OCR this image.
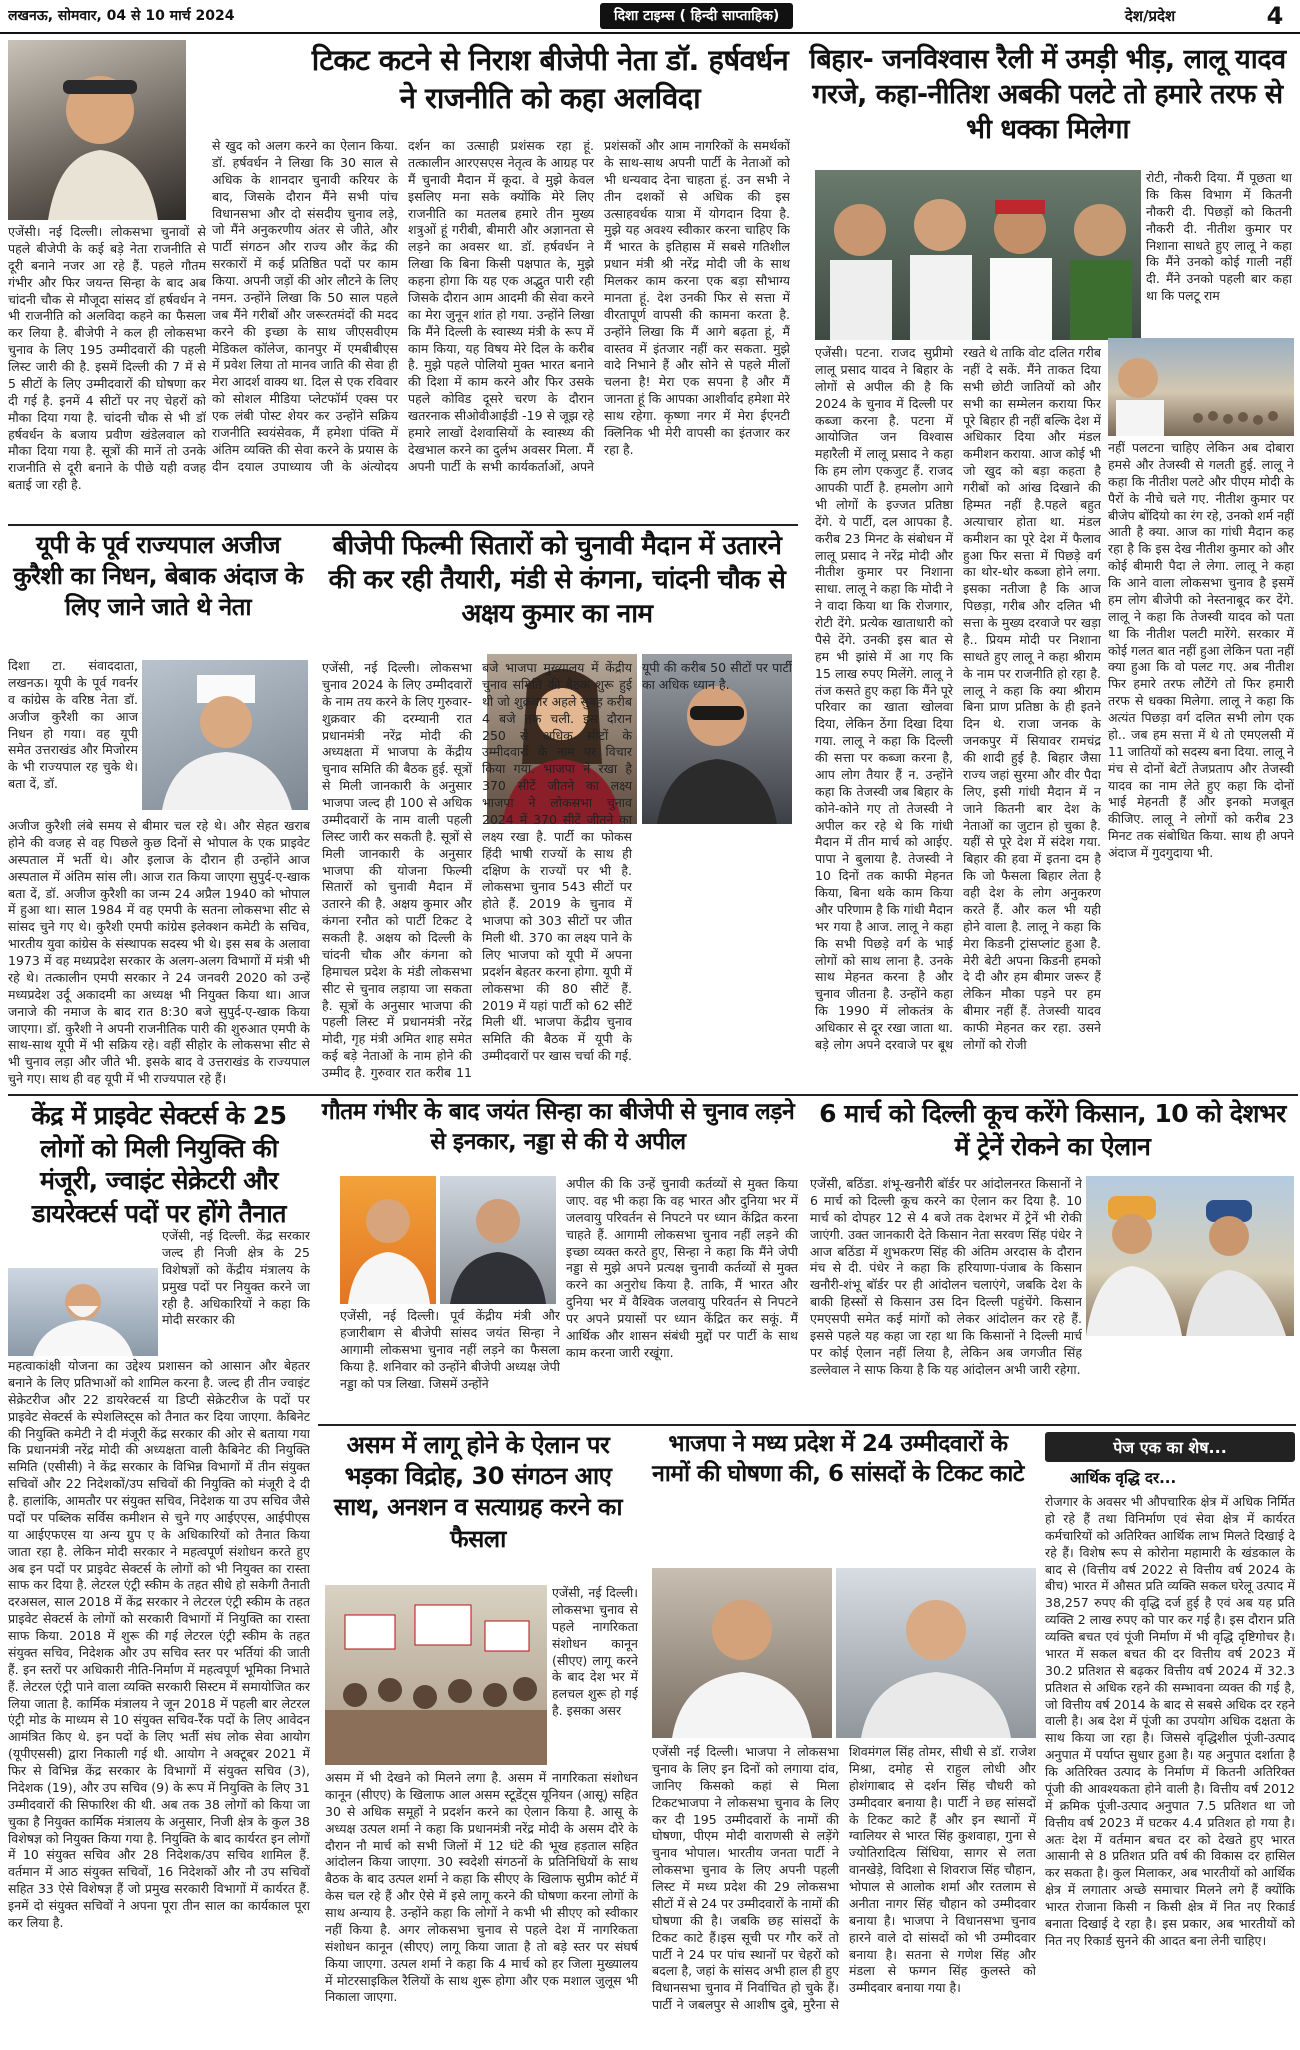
लखनऊ, सोमवार, 04 से 10 मार्च 2024	दिशा टाइम्स ( हिन्दी साप्ताहिक)	देश/प्रदेश	4
टिकट कटने से निराश बीजेपी नेता डॉ. हर्षवर्धन ने राजनीति को कहा अलविदा
एजेंसी। नई दिल्ली। लोकसभा चुनावों से पहले बीजेपी के कई बड़े नेता राजनीति से दूरी बनाने नजर आ रहे हैं. पहले गौतम गंभीर और फिर जयन्त सिन्हा के बाद अब चांदनी चौक से मौजूदा सांसद डॉ हर्षवर्धन ने भी राजनीति को अलविदा कहने का फैसला कर लिया है. बीजेपी ने कल ही लोकसभा चुनाव के लिए 195 उम्मीदवारों की पहली लिस्ट जारी की है. इसमें दिल्ली की 7 में से 5 सीटों के लिए उम्मीदवारों की घोषणा कर दी गई है. इनमें 4 सीटों पर नए चेहरों को मौका दिया गया है. चांदनी चौक से भी डॉ हर्षवर्धन के बजाय प्रवीण खंडेलवाल को मौका दिया गया है. सूत्रों की मानें तो उनके राजनीति से दूरी बनाने के पीछे यही वजह बताई जा रही है.
से खुद को अलग करने का ऐलान किया. डॉ. हर्षवर्धन ने लिखा कि 30 साल से अधिक के शानदार चुनावी करियर के बाद, जिसके दौरान मैंने सभी पांच विधानसभा और दो संसदीय चुनाव लड़े, जो मैंने अनुकरणीय अंतर से जीते, और पार्टी संगठन और राज्य और केंद्र की सरकारों में कई प्रतिष्ठित पदों पर काम किया. अपनी जड़ों की ओर लौटने के लिए नमन. उन्होंने लिखा कि 50 साल पहले जब मैंने गरीबों और जरूरतमंदों की मदद करने की इच्छा के साथ जीएसवीएम मेडिकल कॉलेज, कानपुर में एमबीबीएस में प्रवेश लिया तो मानव जाति की सेवा ही मेरा आदर्श वाक्य था. दिल से एक रविवार को सोशल मीडिया प्लेटफॉर्म एक्स पर एक लंबी पोस्ट शेयर कर उन्होंने सक्रिय राजनीति स्वयंसेवक, मैं हमेशा पंक्ति में अंतिम व्यक्ति की सेवा करने के प्रयास के दीन दयाल उपाध्याय जी के अंत्योदय दर्शन का उत्साही प्रशंसक रहा हूं. तत्कालीन आरएसएस नेतृत्व के आग्रह पर मैं चुनावी मैदान में कूदा. वे मुझे केवल इसलिए मना सके क्योंकि मेरे लिए राजनीति का मतलब हमारे तीन मुख्य शत्रुओं हूं गरीबी, बीमारी और अज्ञानता से लड़ने का अवसर था. डॉ. हर्षवर्धन ने लिखा कि बिना किसी पक्षपात के, मुझे कहना होगा कि यह एक अद्भुत पारी रही जिसके दौरान आम आदमी की सेवा करने का मेरा जुनून शांत हो गया. उन्होंने लिखा कि मैंने दिल्ली के स्वास्थ्य मंत्री के रूप में काम किया, यह विषय मेरे दिल के करीब है. मुझे पहले पोलियो मुक्त भारत बनाने की दिशा में काम करने और फिर उसके पहले कोविड दूसरे चरण के दौरान खतरनाक सीओवीआईडी -19 से जूझ रहे हमारे लाखों देशवासियों के स्वास्थ्य की देखभाल करने का दुर्लभ अवसर मिला. मैं अपनी पार्टी के सभी कार्यकर्ताओं, अपने प्रशंसकों और आम नागरिकों के समर्थकों के साथ-साथ अपनी पार्टी के नेताओं को भी धन्यवाद देना चाहता हूं. उन सभी ने तीन दशकों से अधिक की इस उत्साहवर्धक यात्रा में योगदान दिया है. मुझे यह अवश्य स्वीकार करना चाहिए कि मैं भारत के इतिहास में सबसे गतिशील प्रधान मंत्री श्री नरेंद्र मोदी जी के साथ मिलकर काम करना एक बड़ा सौभाग्य मानता हूं. देश उनकी फिर से सत्ता में वीरतापूर्ण वापसी की कामना करता है. उन्होंने लिखा कि मैं आगे बढ़ता हूं, मैं वास्तव में इंतजार नहीं कर सकता. मुझे वादे निभाने हैं और सोने से पहले मीलों चलना है! मेरा एक सपना है और मैं जानता हूं कि आपका आशीर्वाद हमेशा मेरे साथ रहेगा. कृष्णा नगर में मेरा ईएनटी क्लिनिक भी मेरी वापसी का इंतजार कर रहा है.
बिहार- जनविश्वास रैली में उमड़ी भीड़, लालू यादव गरजे, कहा-नीतिश अबकी पलटे तो हमारे तरफ से भी धक्का मिलेगा
रोटी, नौकरी दिया. मैं पूछता था कि किस विभाग में कितनी नौकरी दी. पिछड़ों को कितनी नौकरी दी. नीतीश कुमार पर निशाना साधते हुए लालू ने कहा कि मैंने उनको कोई गाली नहीं दी. मैंने उनको पहली बार कहा था कि पलटू राम
एजेंसी। पटना. राजद सुप्रीमो लालू प्रसाद यादव ने बिहार के लोगों से अपील की है कि 2024 के चुनाव में दिल्ली पर कब्जा करना है. पटना में आयोजित जन विश्वास महारैली में लालू प्रसाद ने कहा कि हम लोग एकजुट हैं. राजद आपकी पार्टी है. हमलोग आगे भी लोगों के इज्जत प्रतिष्ठा देंगे. ये पार्टी, दल आपका है. करीब 23 मिनट के संबोधन में लालू प्रसाद ने नरेंद्र मोदी और नीतीश कुमार पर निशाना साधा. लालू ने कहा कि मोदी ने ने वादा किया था कि रोजगार, रोटी देंगे. प्रत्येक खाताधारी को पैसे देंगे. उनकी इस बात से हम भी झांसे में आ गए कि 15 लाख रुपए मिलेंगे. लालू ने तंज कसते हुए कहा कि मैंने पूरे परिवार का खाता खोलवा दिया, लेकिन ठेंगा दिखा दिया गया. लालू ने कहा कि दिल्ली की सत्ता पर कब्जा करना है, आप लोग तैयार हैं न. उन्होंने कहा कि तेजस्वी जब बिहार के कोने-कोने गए तो तेजस्वी ने अपील कर रहे थे कि गांधी मैदान में तीन मार्च को आईए. पापा ने बुलाया है. तेजस्वी ने 10 दिनों तक काफी मेहनत किया, बिना थके काम किया और परिणाम है कि गांधी मैदान भर गया है आज. लालू ने कहा कि सभी पिछड़े वर्ग के भाई लोगों को साथ लाना है. उनके साथ मेहनत करना है और चुनाव जीतना है. उन्होंने कहा कि 1990 में लोकतंत्र के अधिकार से दूर रखा जाता था. बड़े लोग अपने दरवाजे पर बूथ रखते थे ताकि वोट दलित गरीब नहीं दे सकें. मैंने ताकत दिया सभी छोटी जातियों को और सभी का सम्मेलन कराया फिर पूरे बिहार ही नहीं बल्कि देश में अधिकार दिया और मंडल कमीशन कराया. आज कोई भी जो खुद को बड़ा कहता है गरीबों को आंख दिखाने की हिम्मत नहीं है.पहले बहुत अत्याचार होता था. मंडल कमीशन का पूरे देश में फैलाव हुआ फिर सत्ता में पिछड़े वर्ग का थोर-थोर कब्जा होने लगा. इसका नतीजा है कि आज पिछड़ा, गरीब और दलित भी सत्ता के मुख्य दरवाजे पर खड़ा है.. प्रियम मोदी पर निशाना साधते हुए लालू ने कहा श्रीराम के नाम पर राजनीति हो रहा है. लालू ने कहा कि क्या श्रीराम बिना प्राण प्रतिष्ठा के ही इतने दिन थे. राजा जनक के जनकपुर में सियावर रामचंद्र की शादी हुई है. बिहार जैसा राज्य जहां सुरमा और वीर पैदा लिए, इसी गांधी मैदान में न जाने कितनी बार देश के नेताओं का जुटान हो चुका है. यहीं से पूरे देश में संदेश गया. बिहार की हवा में इतना दम है कि जो फैसला बिहार लेता है वही देश के लोग अनुकरण करते हैं. और कल भी यही होने वाला है. लालू ने कहा कि मेरा किडनी ट्रांसप्लांट हुआ है. मेरी बेटी अपना किडनी हमको दे दी और हम बीमार जरूर हैं लेकिन मौका पड़ने पर हम बीमार नहीं हैं. तेजस्वी यादव काफी मेहनत कर रहा. उसने लोगों को रोजी
नहीं पलटना चाहिए लेकिन अब दोबारा हमसे और तेजस्वी से गलती हुई. लालू ने कहा कि नीतीश पलटे और पीएम मोदी के पैरों के नीचे चले गए. नीतीश कुमार पर बीजेप बोंदियो का रंग रहे, उनको शर्म नहीं आती है क्या. आज का गांधी मैदान कह रहा है कि इस देख नीतीश कुमार को और कोई बीमारी पैदा ले लेगा. लालू ने कहा कि आने वाला लोकसभा चुनाव है इसमें हम लोग बीजेपी को नेस्तनाबूद कर देंगे. लालू ने कहा कि तेजस्वी यादव को पता था कि नीतीश पलटी मारेंगे. सरकार में कोई गलत बात नहीं हुआ लेकिन पता नहीं क्या हुआ कि वो पलट गए. अब नीतीश फिर हमारे तरफ लौटेंगे तो फिर हमारी तरफ से धक्का मिलेगा. लालू ने कहा कि अत्यंत पिछड़ा वर्ग दलित सभी लोग एक हो.. जब हम सत्ता में थे तो एमएलसी में 11 जातियों को सदस्य बना दिया. लालू ने मंच से दोनों बेटों तेजप्रताप और तेजस्वी यादव का नाम लेते हुए कहा कि दोनों भाई मेहनती हैं और इनको मजबूत कीजिए. लालू ने लोगों को करीब 23 मिनट तक संबोधित किया. साथ ही अपने अंदाज में गुदगुदाया भी.
यूपी के पूर्व राज्यपाल अजीज कुरैशी का निधन, बेबाक अंदाज के लिए जाने जाते थे नेता
दिशा टा. संवाददाता, लखनऊ। यूपी के पूर्व गवर्नर व कांग्रेस के वरिष्ठ नेता डॉ. अजीज कुरैशी का आज निधन हो गया। वह यूपी समेत उत्तराखंड और मिजोरम के भी राज्यपाल रह चुके थे। बता दें, डॉ.
अजीज कुरैशी लंबे समय से बीमार चल रहे थे। और सेहत खराब होने की वजह से वह पिछले कुछ दिनों से भोपाल के एक प्राइवेट अस्पताल में भर्ती थे। और इलाज के दौरान ही उन्होंने आज अस्पताल में अंतिम सांस ली। आज रात किया जाएगा सुपुर्द-ए-खाक बता दें, डॉ. अजीज कुरैशी का जन्म 24 अप्रैल 1940 को भोपाल में हुआ था। साल 1984 में वह एमपी के सतना लोकसभा सीट से सांसद चुने गए थे। कुरैशी एमपी कांग्रेस इलेक्शन कमेटी के सचिव, भारतीय युवा कांग्रेस के संस्थापक सदस्य भी थे। इस सब के अलावा 1973 में वह मध्यप्रदेश सरकार के अलग-अलग विभागों में मंत्री भी रहे थे। तत्कालीन एमपी सरकार ने 24 जनवरी 2020 को उन्हें मध्यप्रदेश उर्दू अकादमी का अध्यक्ष भी नियुक्त किया था। आज जनाजे की नमाज के बाद रात 8:30 बजे सुपुर्द-ए-खाक किया जाएगा। डॉ. कुरैशी ने अपनी राजनीतिक पारी की शुरुआत एमपी के साथ-साथ यूपी में भी सक्रिय रहे। वहीं सीहोर के लोकसभा सीट से भी चुनाव लड़ा और जीते भी. इसके बाद वे उत्तराखंड के राज्यपाल चुने गए। साथ ही वह यूपी में भी राज्यपाल रहे हैं।
बीजेपी फिल्मी सितारों को चुनावी मैदान में उतारने की कर रही तैयारी, मंडी से कंगना, चांदनी चौक से अक्षय कुमार का नाम
एजेंसी, नई दिल्ली। लोकसभा चुनाव 2024 के लिए उम्मीदवारों के नाम तय करने के लिए गुरुवार-शुक्रवार की दरम्यानी रात प्रधानमंत्री नरेंद्र मोदी की अध्यक्षता में भाजपा के केंद्रीय चुनाव समिति की बैठक हुई. सूत्रों से मिली जानकारी के अनुसार भाजपा जल्द ही 100 से अधिक उम्मीदवारों के नाम वाली पहली लिस्ट जारी कर सकती है. सूत्रों से मिली जानकारी के अनुसार भाजपा की योजना फिल्मी सितारों को चुनावी मैदान में उतारने की है. अक्षय कुमार और कंगना रनौत को पार्टी टिकट दे सकती है. अक्षय को दिल्ली के चांदनी चौक और कंगना को हिमाचल प्रदेश के मंडी लोकसभा सीट से चुनाव लड़ाया जा सकता है. सूत्रों के अनुसार भाजपा की पहली लिस्ट में प्रधानमंत्री नरेंद्र मोदी, गृह मंत्री अमित शाह समेत कई बड़े नेताओं के नाम होने की उम्मीद है. गुरुवार रात करीब 11 बजे भाजपा मुख्यालय में केंद्रीय चुनाव समिति की बैठक शुरू हुई थी जो शुक्रवार अहले सुबह करीब 4 बजे तक चली. इस दौरान 250 से अधिक सीटों के उम्मीदवारों के नाम पर विचार किया गया. भाजपा ने रखा है 370 सीटें जीतने का लक्ष्य भाजपा ने लोकसभा चुनाव 2024 में 370 सीटें जीतने का लक्ष्य रखा है. पार्टी का फोकस हिंदी भाषी राज्यों के साथ ही दक्षिण के राज्यों पर भी है. लोकसभा चुनाव 543 सीटों पर होते हैं. 2019 के चुनाव में भाजपा को 303 सीटों पर जीत मिली थी. 370 का लक्ष्य पाने के लिए भाजपा को यूपी में अपना प्रदर्शन बेहतर करना होगा. यूपी में लोकसभा की 80 सीटें हैं. 2019 में यहां पार्टी को 62 सीटें मिली थीं. भाजपा केंद्रीय चुनाव समिति की बैठक में यूपी के उम्मीदवारों पर खास चर्चा की गई. यूपी की करीब 50 सीटों पर पार्टी का अधिक ध्यान है.
गौतम गंभीर के बाद जयंत सिन्हा का बीजेपी से चुनाव लड़ने से इनकार, नड्डा से की ये अपील
एजेंसी, नई दिल्ली। पूर्व केंद्रीय मंत्री और हजारीबाग से बीजेपी सांसद जयंत सिन्हा ने आगामी लोकसभा चुनाव नहीं लड़ने का फैसला किया है. शनिवार को उन्होंने बीजेपी अध्यक्ष जेपी नड्डा को पत्र लिखा. जिसमें उन्होंने
अपील की कि उन्हें चुनावी कर्तव्यों से मुक्त किया जाए. वह भी कहा कि वह भारत और दुनिया भर में जलवायु परिवर्तन से निपटने पर ध्यान केंद्रित करना चाहते हैं. आगामी लोकसभा चुनाव नहीं लड़ने की इच्छा व्यक्त करते हुए, सिन्हा ने कहा कि मैंने जेपी नड्डा से मुझे अपने प्रत्यक्ष चुनावी कर्तव्यों से मुक्त करने का अनुरोध किया है. ताकि, मैं भारत और दुनिया भर में वैश्विक जलवायु परिवर्तन से निपटने पर अपने प्रयासों पर ध्यान केंद्रित कर सकूं. मैं आर्थिक और शासन संबंधी मुद्दों पर पार्टी के साथ काम करना जारी रखूंगा.
6 मार्च को दिल्ली कूच करेंगे किसान, 10 को देशभर में ट्रेनें रोकने का ऐलान
एजेंसी, बठिंडा. शंभू-खनौरी बॉर्डर पर आंदोलनरत किसानों ने 6 मार्च को दिल्ली कूच करने का ऐलान कर दिया है. 10 मार्च को दोपहर 12 से 4 बजे तक देशभर में ट्रेनें भी रोकी जाएंगी. उक्त जानकारी देते किसान नेता सरवण सिंह पंधेर ने आज बठिंडा में शुभकरण सिंह की अंतिम अरदास के दौरान मंच से दी. पंधेर ने कहा कि हरियाणा-पंजाब के किसान खनौरी-शंभू बॉर्डर पर ही आंदोलन चलाएंगे, जबकि देश के बाकी हिस्सों से किसान उस दिन दिल्ली पहुंचेंगे. किसान एमएसपी समेत कई मांगों को लेकर आंदोलन कर रहे हैं. इससे पहले यह कहा जा रहा था कि किसानों ने दिल्ली मार्च पर कोई ऐलान नहीं लिया है, लेकिन अब जगजीत सिंह डल्लेवाल ने साफ किया है कि यह आंदोलन अभी जारी रहेगा.
केंद्र में प्राइवेट सेक्टर्स के 25 लोगों को मिली नियुक्ति की मंजूरी, ज्वाइंट सेक्रेटरी और डायरेक्टर्स पदों पर होंगे तैनात
एजेंसी, नई दिल्ली. केंद्र सरकार जल्द ही निजी क्षेत्र के 25 विशेषज्ञों को केंद्रीय मंत्रालय के प्रमुख पदों पर नियुक्त करने जा रही है. अधिकारियों ने कहा कि मोदी सरकार की
महत्वाकांक्षी योजना का उद्देश्य प्रशासन को आसान और बेहतर बनाने के लिए प्रतिभाओं को शामिल करना है. जल्द ही तीन ज्वाइंट सेक्रेटरीज और 22 डायरेक्टर्स या डिप्टी सेक्रेटरीज के पदों पर प्राइवेट सेक्टर्स के स्पेशलिस्ट्स को तैनात कर दिया जाएगा. कैबिनेट की नियुक्ति कमेटी ने दी मंजूरी केंद्र सरकार की ओर से बताया गया कि प्रधानमंत्री नरेंद्र मोदी की अध्यक्षता वाली कैबिनेट की नियुक्ति समिति (एसीसी) ने केंद्र सरकार के विभिन्न विभागों में तीन संयुक्त सचिवों और 22 निदेशकों/उप सचिवों की नियुक्ति को मंजूरी दे दी है. हालांकि, आमतौर पर संयुक्त सचिव, निदेशक या उप सचिव जैसे पदों पर पब्लिक सर्विस कमीशन से चुने गए आईएएस, आईपीएस या आईएफएस या अन्य ग्रुप ए के अधिकारियों को तैनात किया जाता रहा है. लेकिन मोदी सरकार ने महत्वपूर्ण संशोधन करते हुए अब इन पदों पर प्राइवेट सेक्टर्स के लोगों को भी नियुक्त का रास्ता साफ कर दिया है. लेटरल एंट्री स्कीम के तहत सीधे हो सकेगी तैनाती दरअसल, साल 2018 में केंद्र सरकार ने लेटरल एंट्री स्कीम के तहत प्राइवेट सेक्टर्स के लोगों को सरकारी विभागों में नियुक्ति का रास्ता साफ किया. 2018 में शुरू की गई लेटरल एंट्री स्कीम के तहत संयुक्त सचिव, निदेशक और उप सचिव स्तर पर भर्तियां की जाती हैं. इन स्तरों पर अधिकारी नीति-निर्माण में महत्वपूर्ण भूमिका निभाते हैं. लेटरल एंट्री पाने वाला व्यक्ति सरकारी सिस्टम में समायोजित कर लिया जाता है. कार्मिक मंत्रालय ने जून 2018 में पहली बार लेटरल एंट्री मोड के माध्यम से 10 संयुक्त सचिव-रैंक पदों के लिए आवेदन आमंत्रित किए थे. इन पदों के लिए भर्ती संघ लोक सेवा आयोग (यूपीएससी) द्वारा निकाली गई थी. आयोग ने अक्टूबर 2021 में फिर से विभिन्न केंद्र सरकार के विभागों में संयुक्त सचिव (3), निदेशक (19), और उप सचिव (9) के रूप में नियुक्ति के लिए 31 उम्मीदवारों की सिफारिश की थी. अब तक 38 लोगों को किया जा चुका है नियुक्त कार्मिक मंत्रालय के अनुसार, निजी क्षेत्र के कुल 38 विशेषज्ञ को नियुक्त किया गया है. नियुक्ति के बाद कार्यरत इन लोगों में 10 संयुक्त सचिव और 28 निदेशक/उप सचिव शामिल हैं. वर्तमान में आठ संयुक्त सचिवों, 16 निदेशकों और नौ उप सचिवों सहित 33 ऐसे विशेषज्ञ हैं जो प्रमुख सरकारी विभागों में कार्यरत हैं. इनमें दो संयुक्त सचिवों ने अपना पूरा तीन साल का कार्यकाल पूरा कर लिया है.
असम में लागू होने के ऐलान पर भड़का विद्रोह, 30 संगठन आए साथ, अनशन व सत्याग्रह करने का फैसला
एजेंसी, नई दिल्ली। लोकसभा चुनाव से पहले नागरिकता संशोधन कानून (सीएए) लागू करने के बाद देश भर में हलचल शुरू हो गई है. इसका असर
असम में भी देखने को मिलने लगा है. असम में नागरिकता संशोधन कानून (सीएए) के खिलाफ आल असम स्टूडेंट्स यूनियन (आसू) सहित 30 से अधिक समूहों ने प्रदर्शन करने का ऐलान किया है. आसू के अध्यक्ष उत्पल शर्मा ने कहा कि प्रधानमंत्री नरेंद्र मोदी के असम दौरे के दौरान नौ मार्च को सभी जिलों में 12 घंटे की भूख हड़ताल सहित आंदोलन किया जाएगा. 30 स्वदेशी संगठनों के प्रतिनिधियों के साथ बैठक के बाद उत्पल शर्मा ने कहा कि सीएए के खिलाफ सुप्रीम कोर्ट में केस चल रहे हैं और ऐसे में इसे लागू करने की घोषणा करना लोगों के साथ अन्याय है. उन्होंने कहा कि लोगों ने कभी भी सीएए को स्वीकार नहीं किया है. अगर लोकसभा चुनाव से पहले देश में नागरिकता संशोधन कानून (सीएए) लागू किया जाता है तो बड़े स्तर पर संघर्ष किया जाएगा. उत्पल शर्मा ने कहा कि 4 मार्च को हर जिला मुख्यालय में मोटरसाइकिल रैलियों के साथ शुरू होगा और एक मशाल जुलूस भी निकाला जाएगा.
भाजपा ने मध्य प्रदेश में 24 उम्मीदवारों के नामों की घोषणा की, 6 सांसदों के टिकट काटे
एजेंसी नई दिल्ली। भाजपा ने लोकसभा चुनाव के लिए इन दिनों को लगाया दांव, जानिए किसको कहां से मिला टिकटभाजपा ने लोकसभा चुनाव के लिए कर दी 195 उम्मीदवारों के नामों की घोषणा, पीएम मोदी वाराणसी से लड़ेंगे चुनाव भोपाल। भारतीय जनता पार्टी ने लोकसभा चुनाव के लिए अपनी पहली लिस्ट में मध्य प्रदेश की 29 लोकसभा सीटों में से 24 पर उम्मीदवारों के नामों की घोषणा की है। जबकि छह सांसदों के टिकट काटे हैं।इस सूची पर गौर करें तो पार्टी ने 24 पर पांच स्थानों पर चेहरों को बदला है, जहां के सांसद अभी हाल ही हुए विधानसभा चुनाव में निर्वाचित हो चुके हैं। पार्टी ने जबलपुर से आशीष दुबे, मुरैना से शिवमंगल सिंह तोमर, सीधी से डॉ. राजेश मिश्रा, दमोह से राहुल लोधी और होशंगाबाद से दर्शन सिंह चौधरी को उम्मीदवार बनाया है। पार्टी ने छह सांसदों के टिकट काटे हैं और इन स्थानों में ग्वालियर से भारत सिंह कुशवाहा, गुना से ज्योतिरादित्य सिंधिया, सागर से लता वानखेड़े, विदिशा से शिवराज सिंह चौहान, भोपाल से आलोक शर्मा और रतलाम से अनीता नागर सिंह चौहान को उम्मीदवार बनाया है। भाजपा ने विधानसभा चुनाव हारने वाले दो सांसदों को भी उम्मीदवार बनाया है। सतना से गणेश सिंह और मंडला से फग्गन सिंह कुलस्ते को उम्मीदवार बनाया गया है।
पेज एक का शेष...
आर्थिक वृद्धि दर...
रोजगार के अवसर भी औपचारिक क्षेत्र में अधिक निर्मित हो रहे हैं तथा विनिर्माण एवं सेवा क्षेत्र में कार्यरत कर्मचारियों को अतिरिक्त आर्थिक लाभ मिलते दिखाई दे रहे हैं। विशेष रूप से कोरोना महामारी के खंडकाल के बाद से (वित्तीय वर्ष 2022 से वित्तीय वर्ष 2024 के बीच) भारत में औसत प्रति व्यक्ति सकल घरेलू उत्पाद में 38,257 रुपए की वृद्धि दर्ज हुई है एवं अब यह प्रति व्यक्ति 2 लाख रुपए को पार कर गई है। इस दौरान प्रति व्यक्ति बचत एवं पूंजी निर्माण में भी वृद्धि दृष्टिगोचर है। भारत में सकल बचत की दर वित्तीय वर्ष 2023 में 30.2 प्रतिशत से बढ़कर वित्तीय वर्ष 2024 में 32.3 प्रतिशत से अधिक रहने की सम्भावना व्यक्त की गई है, जो वित्तीय वर्ष 2014 के बाद से सबसे अधिक दर रहने वाली है। अब देश में पूंजी का उपयोग अधिक दक्षता के साथ किया जा रहा है। जिससे वृद्धिशील पूंजी-उत्पाद अनुपात में पर्याप्त सुधार हुआ है। यह अनुपात दर्शाता है कि अतिरिक्त उत्पाद के निर्माण में कितनी अतिरिक्त पूंजी की आवश्यकता होने वाली है। वित्तीय वर्ष 2012 में क्रमिक पूंजी-उत्पाद अनुपात 7.5 प्रतिशत था जो वित्तीय वर्ष 2023 में घटकर 4.4 प्रतिशत हो गया है। अतः देश में वर्तमान बचत दर को देखते हुए भारत आसानी से 8 प्रतिशत प्रति वर्ष की विकास दर हासिल कर सकता है। कुल मिलाकर, अब भारतीयों को आर्थिक क्षेत्र में लगातार अच्छे समाचार मिलने लगे हैं क्योंकि भारत रोजाना किसी न किसी क्षेत्र में नित नए रिकार्ड बनाता दिखाई दे रहा है। इस प्रकार, अब भारतीयों को नित नए रिकार्ड सुनने की आदत बना लेनी चाहिए।
